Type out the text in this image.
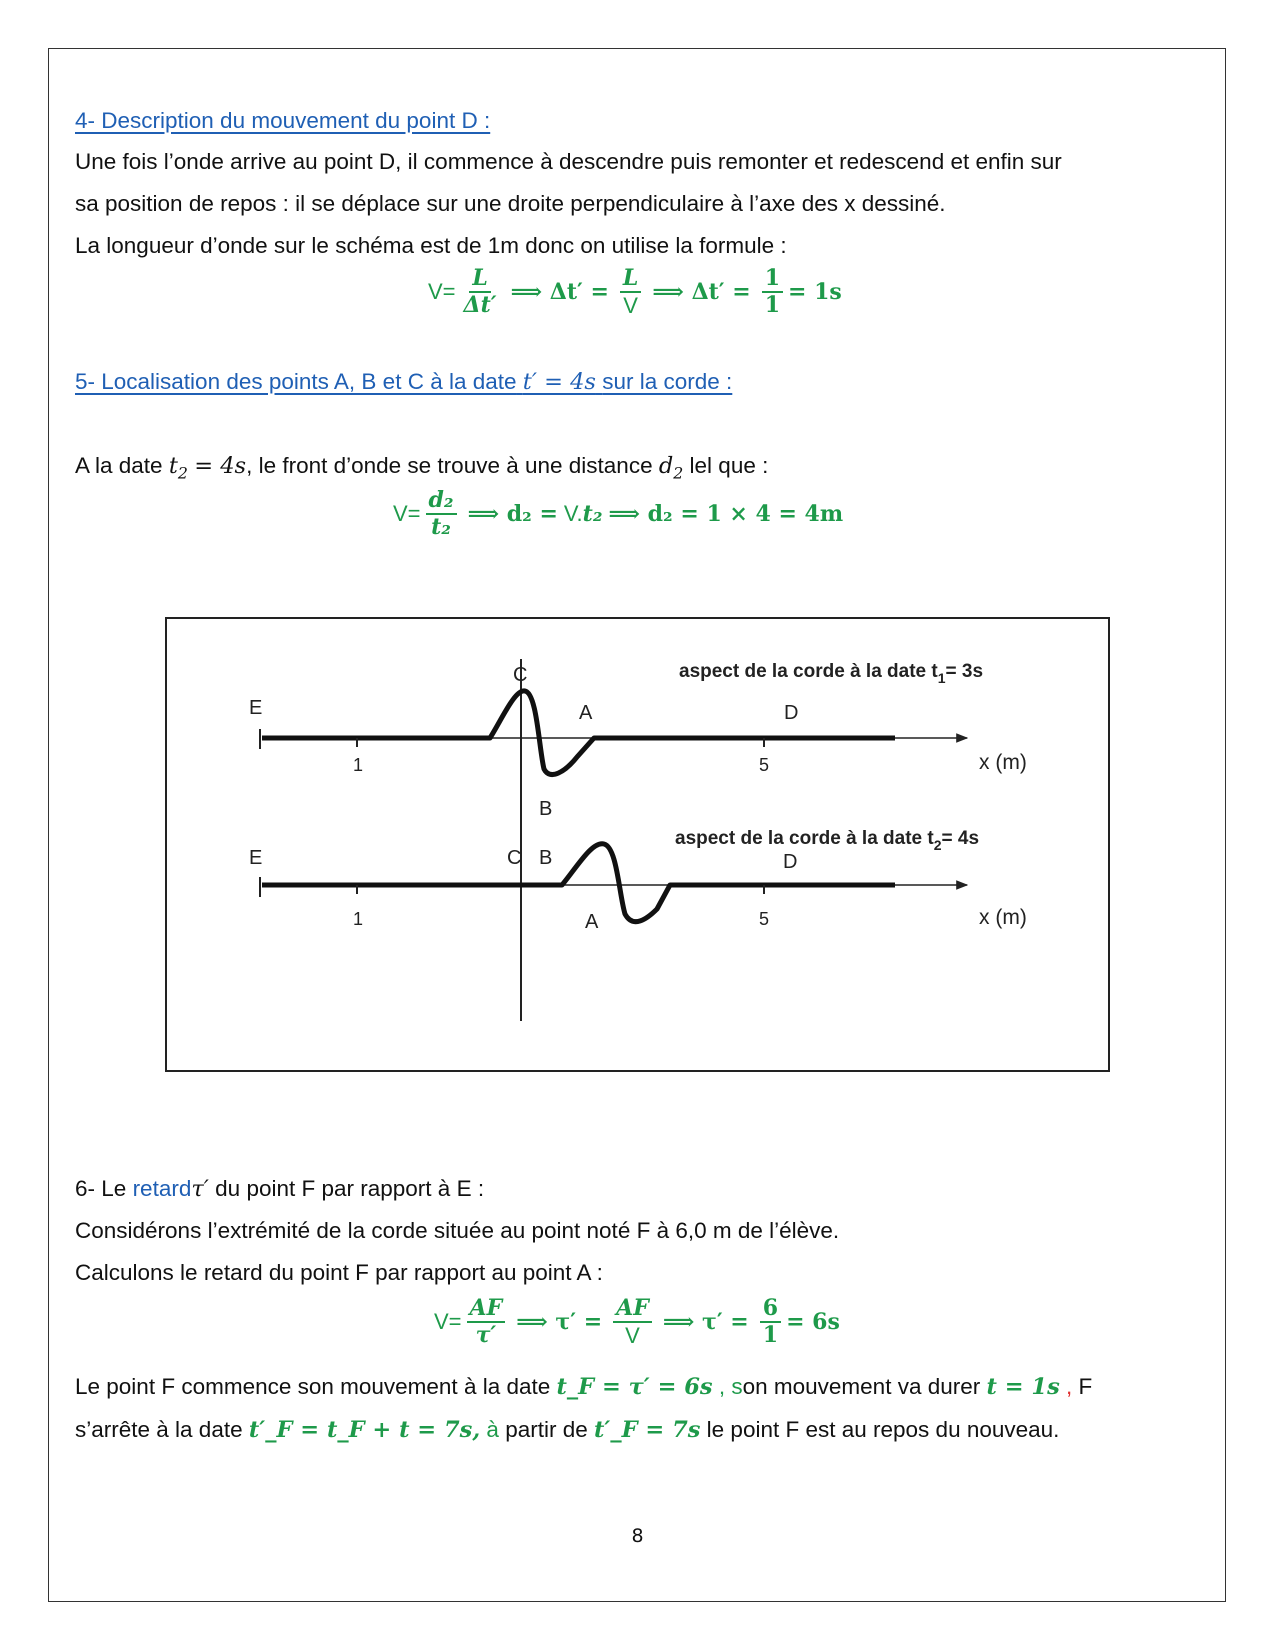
4- Description du mouvement du point D :
Une fois l’onde arrive au point D, il commence à descendre puis remonter et redescend et enfin sur
sa position de repos : il se déplace sur une droite perpendiculaire à l’axe des x dessiné.
La longueur d’onde sur le schéma est de 1m donc on utilise la formule :
$V= \frac{L}{\Delta t'}$ ⟹ $\Delta t' = \frac{L}{V}$ ⟹ $\Delta t' = \frac{1}{1} = 1s$
5- Localisation des points A, B et C à la date t′ = 4s sur la corde :
A la date $t_2 = 4s$, le front d’onde se trouve à une distance $d_2$ lel que :
$V= \frac{\text{d₂}}{\text{t₂}}$ ⟹ d₂ = V. t₂ ⟹ d₂ = 1 × 4 = 4m
aspect de la corde à la date $t_1= 3s$
1	5	x (m)
E
C
A	D
B
aspect de la corde à la date $t_2= 4s$
1	5	x (m)
E	C B	D
A
6- Le retardτ′ du point F par rapport à E :
Considérons l’extrémité de la corde située au point noté F à 6,0 m de l’élève.
Calculons le retard du point F par rapport au point A :
$V= \frac{AF}{\tau'}$ ⟹ $\tau' = \frac{AF}{V}$ ⟹ $\tau' = \frac{6}{1} = 6s$
Le point F commence son mouvement à la date t_F = τ′ = 6s , son mouvement va durer t = 1s , F
s’arrête à la date t′_F = t_F + t = 7s, à partir de t′_F = 7s le point F est au repos du nouveau.
8
